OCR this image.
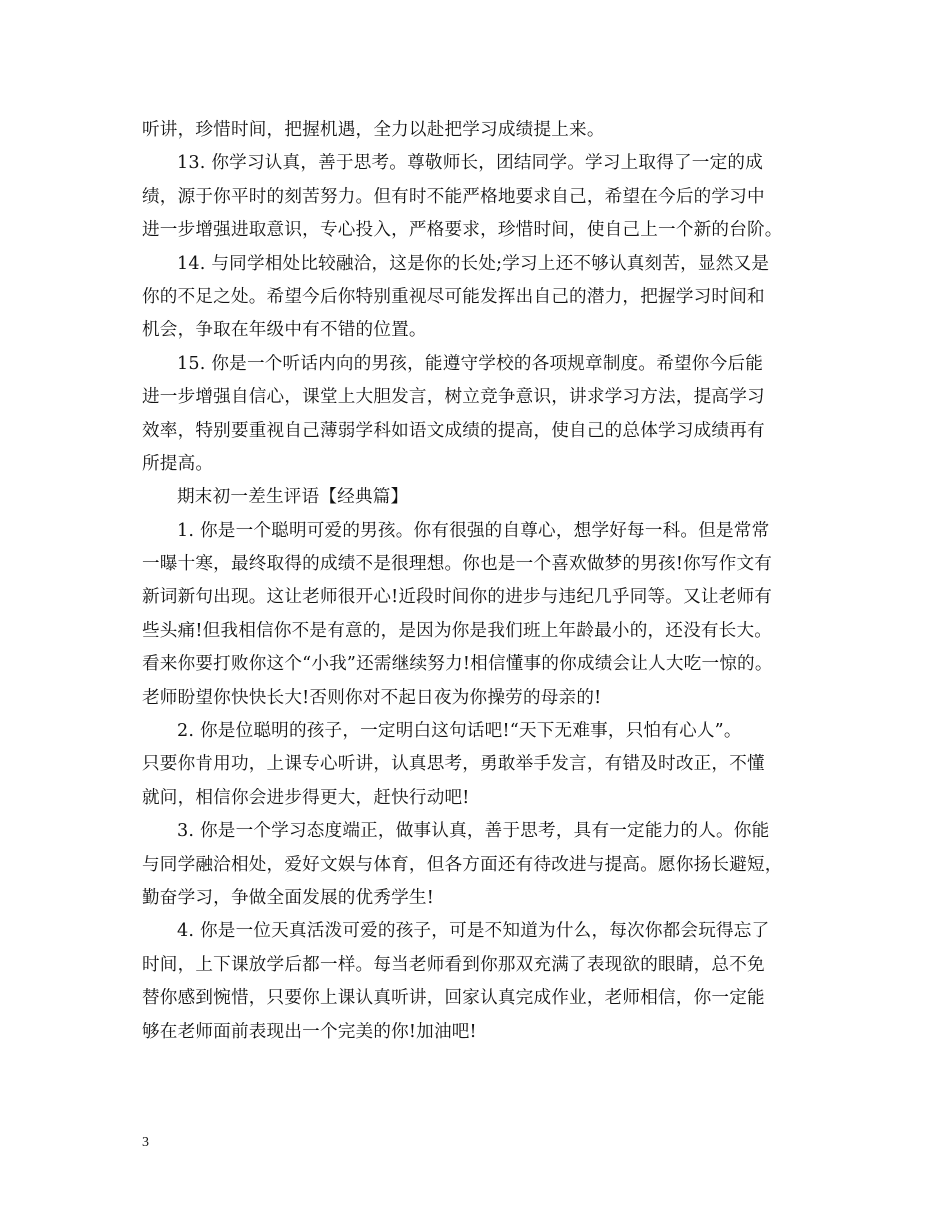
听讲，珍惜时间，把握机遇，全力以赴把学习成绩提上来。
13. 你学习认真，善于思考。尊敬师长，团结同学。学习上取得了一定的成
绩，源于你平时的刻苦努力。但有时不能严格地要求自己，希望在今后的学习中
进一步增强进取意识，专心投入，严格要求，珍惜时间，使自己上一个新的台阶。
14. 与同学相处比较融洽，这是你的长处;学习上还不够认真刻苦，显然又是
你的不足之处。希望今后你特别重视尽可能发挥出自己的潜力，把握学习时间和
机会，争取在年级中有不错的位置。
15. 你是一个听话内向的男孩，能遵守学校的各项规章制度。希望你今后能
进一步增强自信心，课堂上大胆发言，树立竞争意识，讲求学习方法，提高学习
效率，特别要重视自己薄弱学科如语文成绩的提高，使自己的总体学习成绩再有
所提高。
期末初一差生评语【经典篇】
1. 你是一个聪明可爱的男孩。你有很强的自尊心，想学好每一科。但是常常
一曝十寒，最终取得的成绩不是很理想。你也是一个喜欢做梦的男孩!你写作文有
新词新句出现。这让老师很开心!近段时间你的进步与违纪几乎同等。又让老师有
些头痛!但我相信你不是有意的，是因为你是我们班上年龄最小的，还没有长大。
看来你要打败你这个“小我”还需继续努力!相信懂事的你成绩会让人大吃一惊的。
老师盼望你快快长大!否则你对不起日夜为你操劳的母亲的!
2. 你是位聪明的孩子，一定明白这句话吧!“天下无难事，只怕有心人”。
只要你肯用功，上课专心听讲，认真思考，勇敢举手发言，有错及时改正，不懂
就问，相信你会进步得更大，赶快行动吧!
3. 你是一个学习态度端正，做事认真，善于思考，具有一定能力的人。你能
与同学融洽相处，爱好文娱与体育，但各方面还有待改进与提高。愿你扬长避短，
勤奋学习，争做全面发展的优秀学生!
4. 你是一位天真活泼可爱的孩子，可是不知道为什么，每次你都会玩得忘了
时间，上下课放学后都一样。每当老师看到你那双充满了表现欲的眼睛，总不免
替你感到惋惜，只要你上课认真听讲，回家认真完成作业，老师相信，你一定能
够在老师面前表现出一个完美的你!加油吧!
3
